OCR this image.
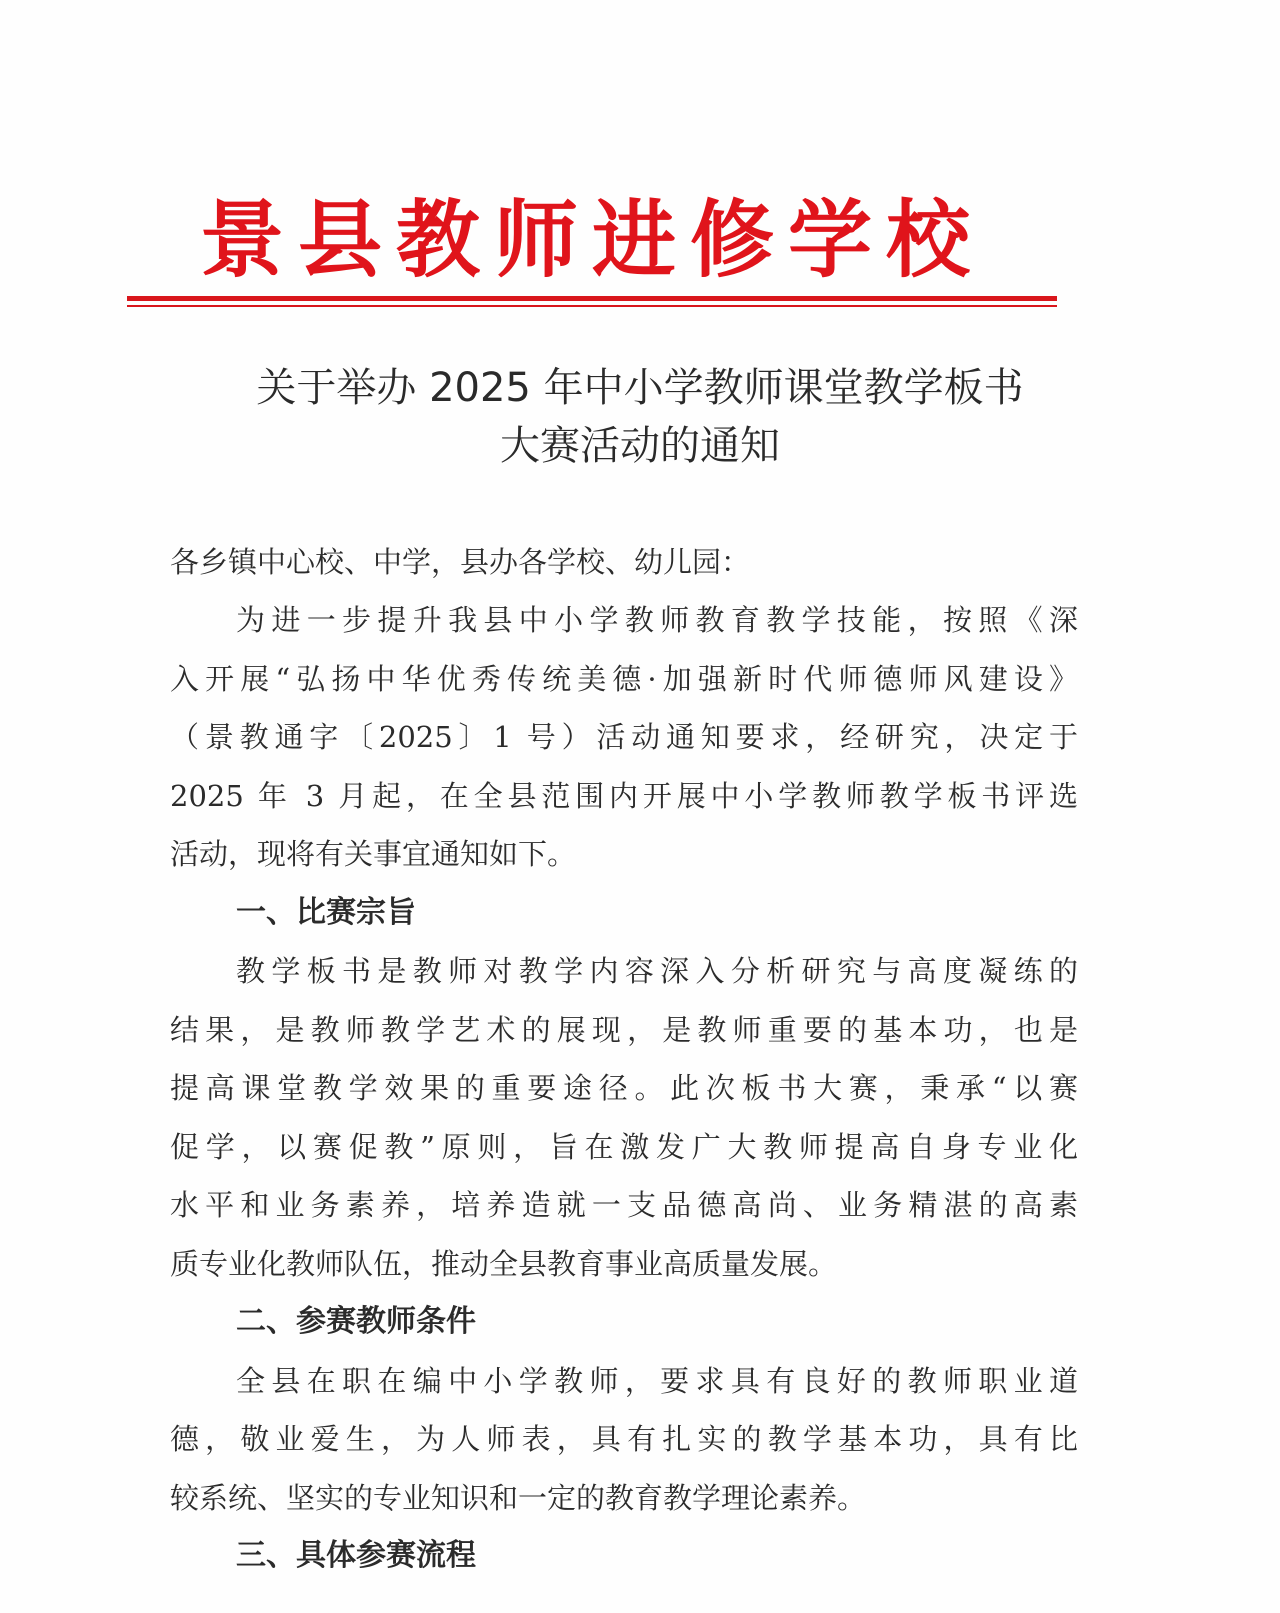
景县教师进修学校
关于举办 2025 年中小学教师课堂教学板书
大赛活动的通知
各乡镇中心校、中学，县办各学校、幼儿园：
为进一步提升我县中小学教师教育教学技能，按照《深
入开展“弘扬中华优秀传统美德·加强新时代师德师风建设》
（景教通字〔2025〕1 号）活动通知要求，经研究，决定于
2025 年 3 月起，在全县范围内开展中小学教师教学板书评选
活动，现将有关事宜通知如下。
一、比赛宗旨
教学板书是教师对教学内容深入分析研究与高度凝练的
结果，是教师教学艺术的展现，是教师重要的基本功，也是
提高课堂教学效果的重要途径。此次板书大赛，秉承“以赛
促学，以赛促教”原则，旨在激发广大教师提高自身专业化
水平和业务素养，培养造就一支品德高尚、业务精湛的高素
质专业化教师队伍，推动全县教育事业高质量发展。
二、参赛教师条件
全县在职在编中小学教师，要求具有良好的教师职业道
德，敬业爱生，为人师表，具有扎实的教学基本功，具有比
较系统、坚实的专业知识和一定的教育教学理论素养。
三、具体参赛流程
